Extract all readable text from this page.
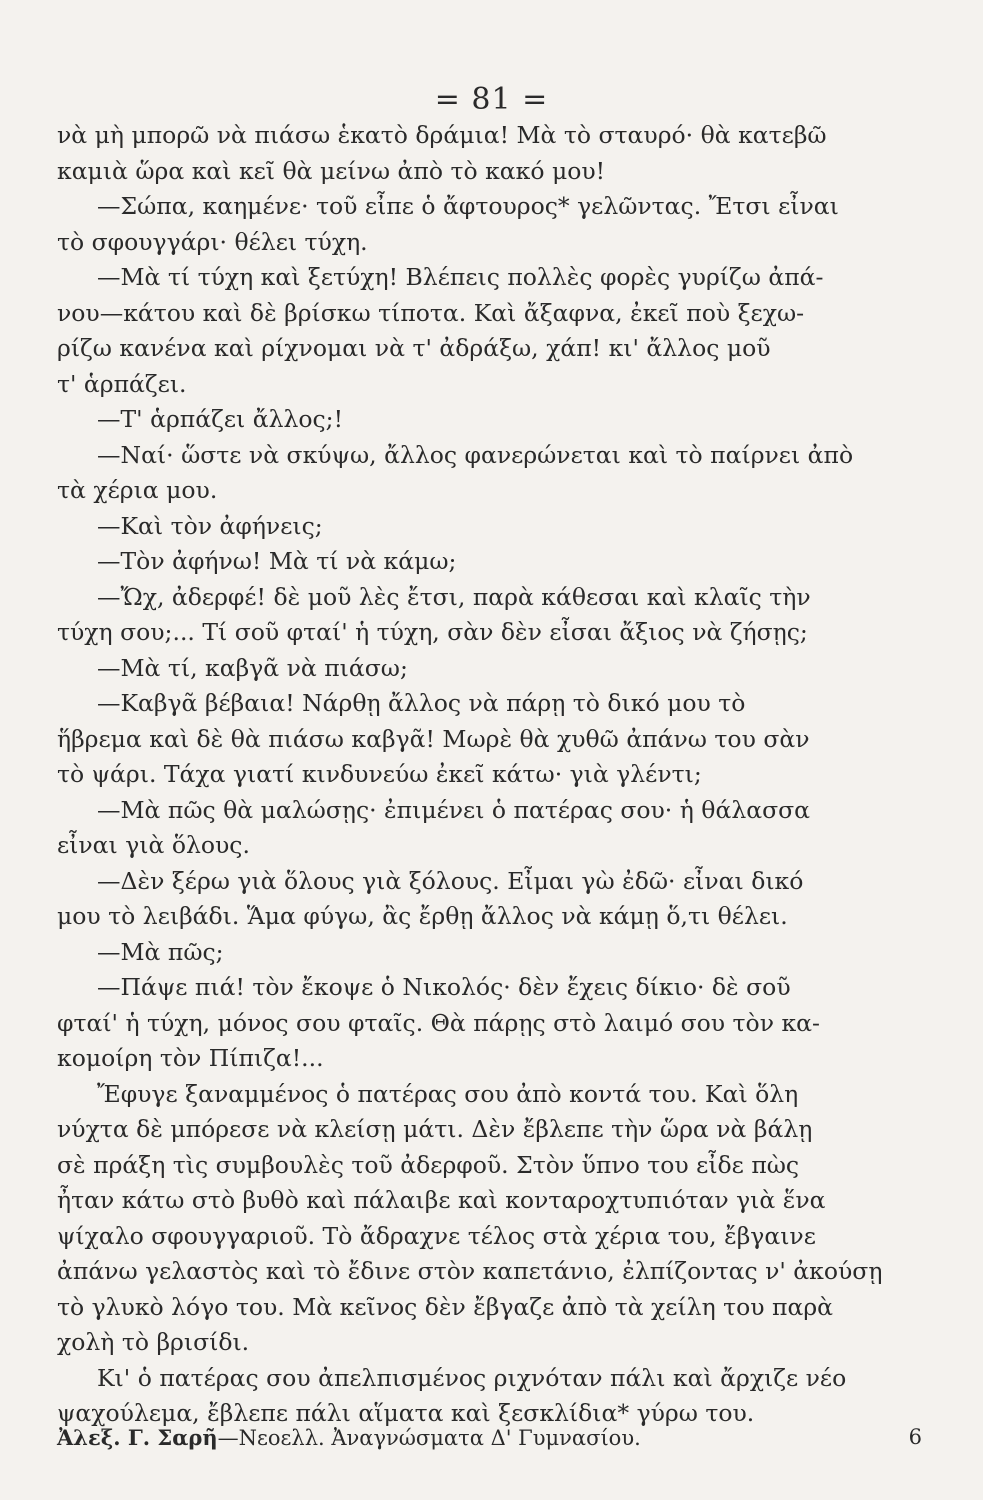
= 81 =
νὰ μὴ μπορῶ νὰ πιάσω ἑκατὸ δράμια! Μὰ τὸ σταυρό· θὰ κατεβῶ
καμιὰ ὥρα καὶ κεῖ θὰ μείνω ἀπὸ τὸ κακό μου!
—Σώπα, καημένε· τοῦ εἶπε ὁ ἄφτουρος* γελῶντας. Ἔτσι εἶναι
τὸ σφουγγάρι· θέλει τύχη.
—Μὰ τί τύχη καὶ ξετύχη! Βλέπεις πολλὲς φορὲς γυρίζω ἀπά-
νου—κάτου καὶ δὲ βρίσκω τίποτα. Καὶ ἄξαφνα, ἐκεῖ ποὺ ξεχω-
ρίζω κανένα καὶ ρίχνομαι νὰ τ' ἀδράξω, χάπ! κι' ἄλλος μοῦ
τ' ἁρπάζει.
—Τ' ἁρπάζει ἄλλος;!
—Ναί· ὥστε νὰ σκύψω, ἄλλος φανερώνεται καὶ τὸ παίρνει ἀπὸ
τὰ χέρια μου.
—Καὶ τὸν ἀφήνεις;
—Τὸν ἀφήνω! Μὰ τί νὰ κάμω;
—Ὤχ, ἀδερφέ! δὲ μοῦ λὲς ἔτσι, παρὰ κάθεσαι καὶ κλαῖς τὴν
τύχη σου;... Τί σοῦ φταί' ἡ τύχη, σὰν δὲν εἶσαι ἄξιος νὰ ζήσῃς;
—Μὰ τί, καβγᾶ νὰ πιάσω;
—Καβγᾶ βέβαια! Νάρθῃ ἄλλος νὰ πάρῃ τὸ δικό μου τὸ
ἥβρεμα καὶ δὲ θὰ πιάσω καβγᾶ! Μωρὲ θὰ χυθῶ ἀπάνω του σὰν
τὸ ψάρι. Τάχα γιατί κινδυνεύω ἐκεῖ κάτω· γιὰ γλέντι;
—Μὰ πῶς θὰ μαλώσῃς· ἐπιμένει ὁ πατέρας σου· ἡ θάλασσα
εἶναι γιὰ ὅλους.
—Δὲν ξέρω γιὰ ὅλους γιὰ ξόλους. Εἶμαι γὼ ἐδῶ· εἶναι δικό
μου τὸ λειβάδι. Ἅμα φύγω, ἂς ἔρθῃ ἄλλος νὰ κάμῃ ὅ,τι θέλει.
—Μὰ πῶς;
—Πάψε πιά! τὸν ἔκοψε ὁ Νικολός· δὲν ἔχεις δίκιο· δὲ σοῦ
φταί' ἡ τύχη, μόνος σου φταῖς. Θὰ πάρῃς στὸ λαιμό σου τὸν κα-
κομοίρη τὸν Πίπιζα!...
Ἔφυγε ξαναμμένος ὁ πατέρας σου ἀπὸ κοντά του. Καὶ ὅλη
νύχτα δὲ μπόρεσε νὰ κλείσῃ μάτι. Δὲν ἔβλεπε τὴν ὥρα νὰ βάλῃ
σὲ πράξη τὶς συμβουλὲς τοῦ ἀδερφοῦ. Στὸν ὕπνο του εἶδε πὼς
ἦταν κάτω στὸ βυθὸ καὶ πάλαιβε καὶ κονταροχτυπιόταν γιὰ ἕνα
ψίχαλο σφουγγαριοῦ. Τὸ ἄδραχνε τέλος στὰ χέρια του, ἔβγαινε
ἀπάνω γελαστὸς καὶ τὸ ἔδινε στὸν καπετάνιο, ἐλπίζοντας ν' ἀκούσῃ
τὸ γλυκὸ λόγο του. Μὰ κεῖνος δὲν ἔβγαζε ἀπὸ τὰ χείλη του παρὰ
χολὴ τὸ βρισίδι.
Κι' ὁ πατέρας σου ἀπελπισμένος ριχνόταν πάλι καὶ ἄρχιζε νέο
ψαχούλεμα, ἔβλεπε πάλι αἵματα καὶ ξεσκλίδια* γύρω του.
Ἀλεξ. Γ. Σαρῆ—Νεοελλ. Ἀναγνώσματα Δ' Γυμνασίου.	6
